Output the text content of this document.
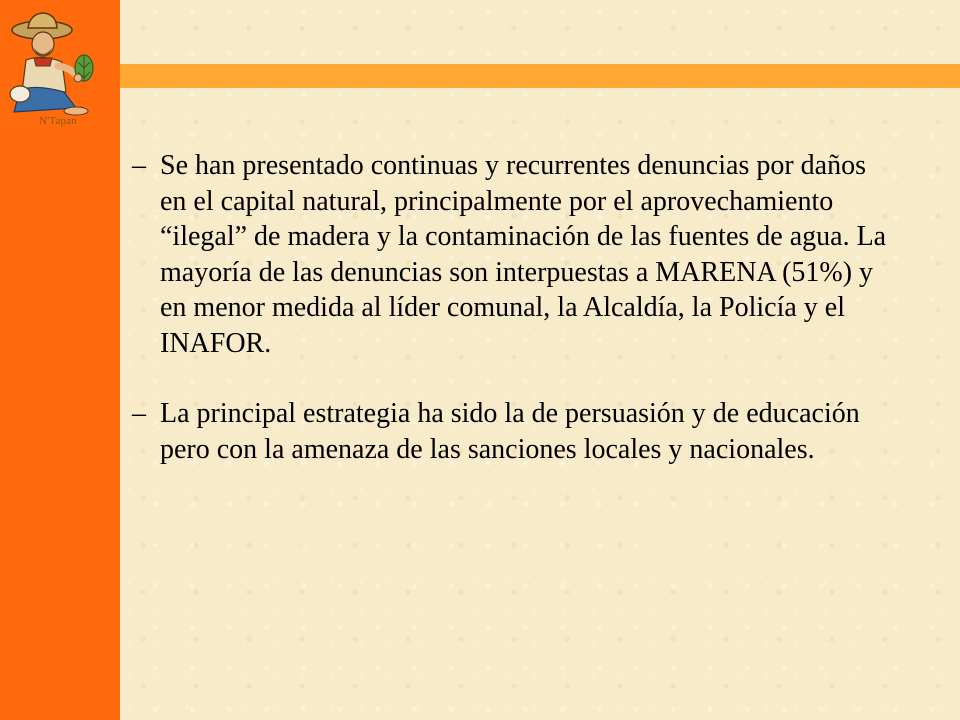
N'Tapan
– Se han presentado continuas y recurrentes denuncias por daños en el capital natural, principalmente por el aprovechamiento “ilegal” de madera y la contaminación de las fuentes de agua. La mayoría de las denuncias son interpuestas a MARENA (51%) y en menor medida al líder comunal, la Alcaldía, la Policía y el INAFOR.
– La principal estrategia ha sido la de persuasión y de educación pero con la amenaza de las sanciones locales y nacionales.
